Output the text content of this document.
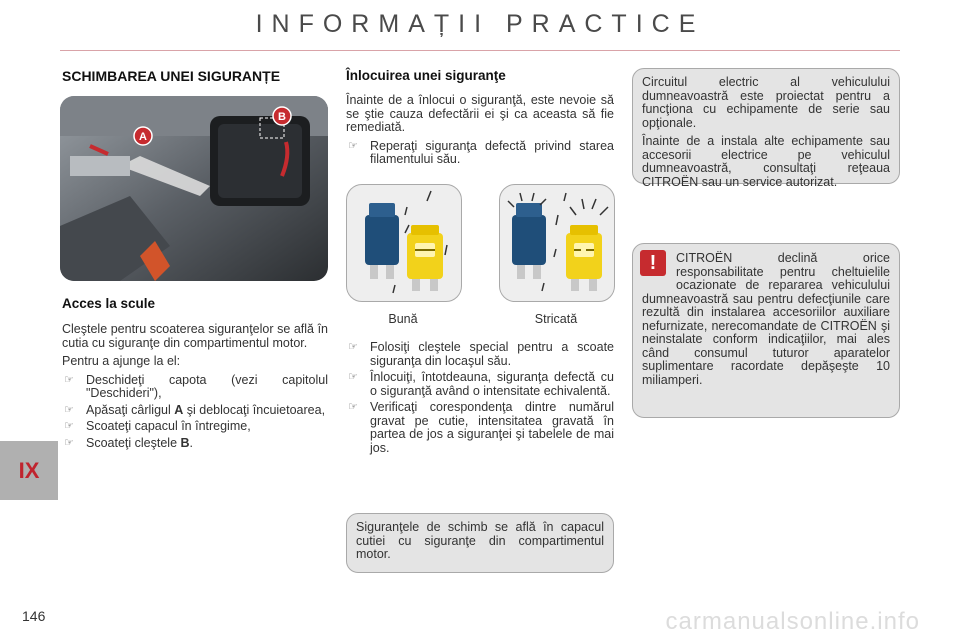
INFORMAȚII PRACTICE
IX
146	carmanualsonline.info
SCHIMBAREA UNEI SIGURANȚE
B
A
Acces la scule

Cleştele pentru scoaterea siguranţelor se află în cutia cu siguranţe din compartimentul motor.

Pentru a ajunge la el:

☞ Deschideţi capota (vezi capitolul "Deschideri"),
☞ Apăsaţi cârligul A şi deblocaţi încuietoarea,
☞ Scoateţi capacul în întregime,
☞ Scoateţi cleştele B.
Înlocuirea unei siguranţe

Înainte de a înlocui o siguranţă, este nevoie să se ştie cauza defectării ei şi ca aceasta să fie remediată.

☞ Reperaţi siguranţa defectă privind starea filamentului său.
Bună	Stricată
☞ Folosiţi cleştele special pentru a scoate siguranţa din locaşul său.
☞ Înlocuiţi, întotdeauna, siguranţa defectă cu o siguranţă având o intensitate echivalentă.
☞ Verificaţi corespondenţa dintre numărul gravat pe cutie, intensitatea gravată în partea de jos a siguranţei şi tabelele de mai jos.
Siguranţele de schimb se află în capacul cutiei cu siguranţe din compartimentul motor.

Circuitul electric al vehiculului dumneavoastră este proiectat pentru a funcţiona cu echipamente de serie sau opţionale.

Înainte de a instala alte echipamente sau accesorii electrice pe vehiculul dumneavoastră, consultaţi reţeaua CITROËN sau un service autorizat.

CITROËN declină orice responsabilitate pentru cheltuielile ocazionate de repararea vehiculului dumneavoastră sau pentru defecţiunile care rezultă din instalarea accesoriilor auxiliare nefurnizate, nerecomandate de CITROËN şi neinstalate conform indicaţiilor, mai ales când consumul tuturor aparatelor suplimentare racordate depăşeşte 10 miliamperi.
!
